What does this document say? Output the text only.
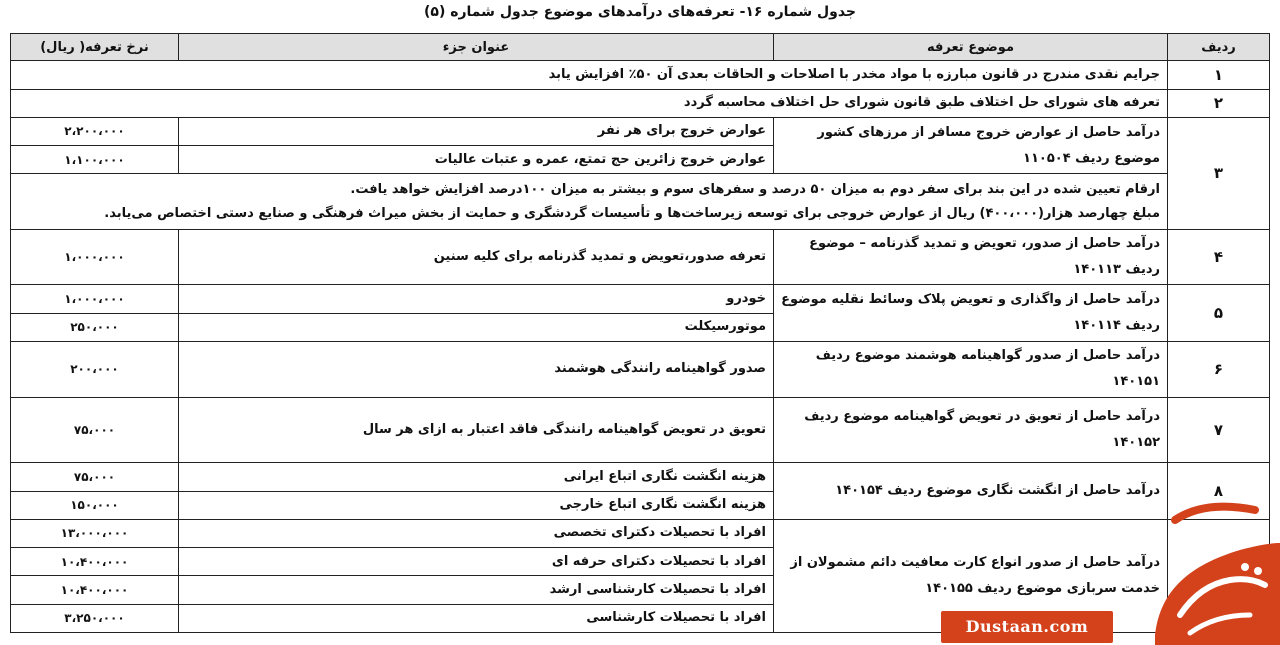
جدول شماره ۱۶- تعرفه‌های درآمدهای موضوع جدول شماره (۵)
ردیف	موضوع تعرفه	عنوان جزء	نرخ تعرفه( ریال)
۱	جرایم نقدی مندرج در قانون مبارزه با مواد مخدر با اصلاحات و الحاقات بعدی آن ۵۰٪ افزایش یابد		
۲	تعرفه های شورای حل اختلاف طبق قانون شورای حل اختلاف محاسبه گردد		
۳	درآمد حاصل از عوارض خروج مسافر از مرزهای کشور موضوع ردیف ۱۱۰۵۰۴	عوارض خروج برای هر نفر	۲،۲۰۰،۰۰۰
		عوارض خروج زائرین حج تمتع، عمره و عتبات عالیات	۱،۱۰۰،۰۰۰

	ارقام تعیین شده در این بند برای سفر دوم به میزان ۵۰ درصد و سفرهای سوم و بیشتر به میزان ۱۰۰درصد افزایش خواهد یافت.
مبلغ چهارصد هزار(۴۰۰،۰۰۰) ریال از عوارض خروجی برای توسعه زیرساخت‌ها و تأسیسات گردشگری و حمایت از بخش میراث فرهنگی و صنایع دستی اختصاص می‌یابد.		

۴	درآمد حاصل از صدور، تعویض و تمدید گذرنامه – موضوع ردیف ۱۴۰۱۱۳	تعرفه صدور،تعویض و تمدید گذرنامه برای کلیه سنین	۱،۰۰۰،۰۰۰
۵	درآمد حاصل از واگذاری و تعویض پلاک وسائط نقلیه موضوع ردیف ۱۴۰۱۱۴	خودرو	۱،۰۰۰،۰۰۰
		موتورسیکلت	۲۵۰،۰۰۰
۶	درآمد حاصل از صدور گواهینامه هوشمند موضوع ردیف ۱۴۰۱۵۱	صدور گواهینامه رانندگی هوشمند	۲۰۰،۰۰۰
۷	درآمد حاصل از تعویق در تعویض گواهینامه موضوع ردیف ۱۴۰۱۵۲	تعویق در تعویض گواهینامه رانندگی فاقد اعتبار به ازای هر سال	۷۵،۰۰۰
۸	درآمد حاصل از انگشت نگاری موضوع ردیف ۱۴۰۱۵۴	هزینه انگشت نگاری اتباع ایرانی	۷۵،۰۰۰
		هزینه انگشت نگاری اتباع خارجی	۱۵۰،۰۰۰
	درآمد حاصل از صدور انواع کارت معافیت دائم مشمولان از خدمت سربازی موضوع ردیف ۱۴۰۱۵۵	افراد با تحصیلات دکترای تخصصی	۱۳،۰۰۰،۰۰۰
		افراد با تحصیلات دکترای حرفه ای	۱۰،۴۰۰،۰۰۰
		افراد با تحصیلات کارشناسی ارشد	۱۰،۴۰۰،۰۰۰
		افراد با تحصیلات کارشناسی	۳،۲۵۰،۰۰۰	Dustaan.com
